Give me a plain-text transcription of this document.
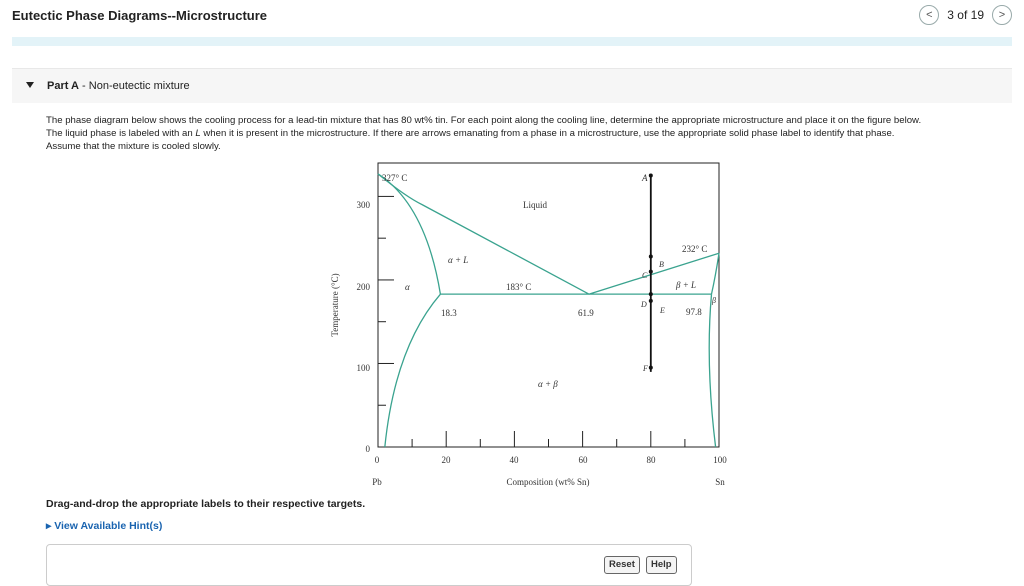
Eutectic Phase Diagrams--Microstructure	< 3 of 19 >
Part A - Non-eutectic mixture

The phase diagram below shows the cooling process for a lead-tin mixture that has 80 wt% tin. For each point along the cooling line, determine the appropriate microstructure and place it on the figure below.

The liquid phase is labeled with an L when it is present in the microstructure. If there are arrows emanating from a phase in a microstructure, use the appropriate solid phase label to identify that phase.

Assume that the mixture is cooled slowly.

0	20	40	60	80	100
300
200
100
0
Pb	Sn
Composition (wt% Sn)
Temperature (°C)
327° C
232° C
183° C
18.3	61.9	97.8
Liquid
α + L
α	β + L
β
α + β
A
B
C
D
E
F
Drag-and-drop the appropriate labels to their respective targets.
▸ View Available Hint(s)
Reset	Help
